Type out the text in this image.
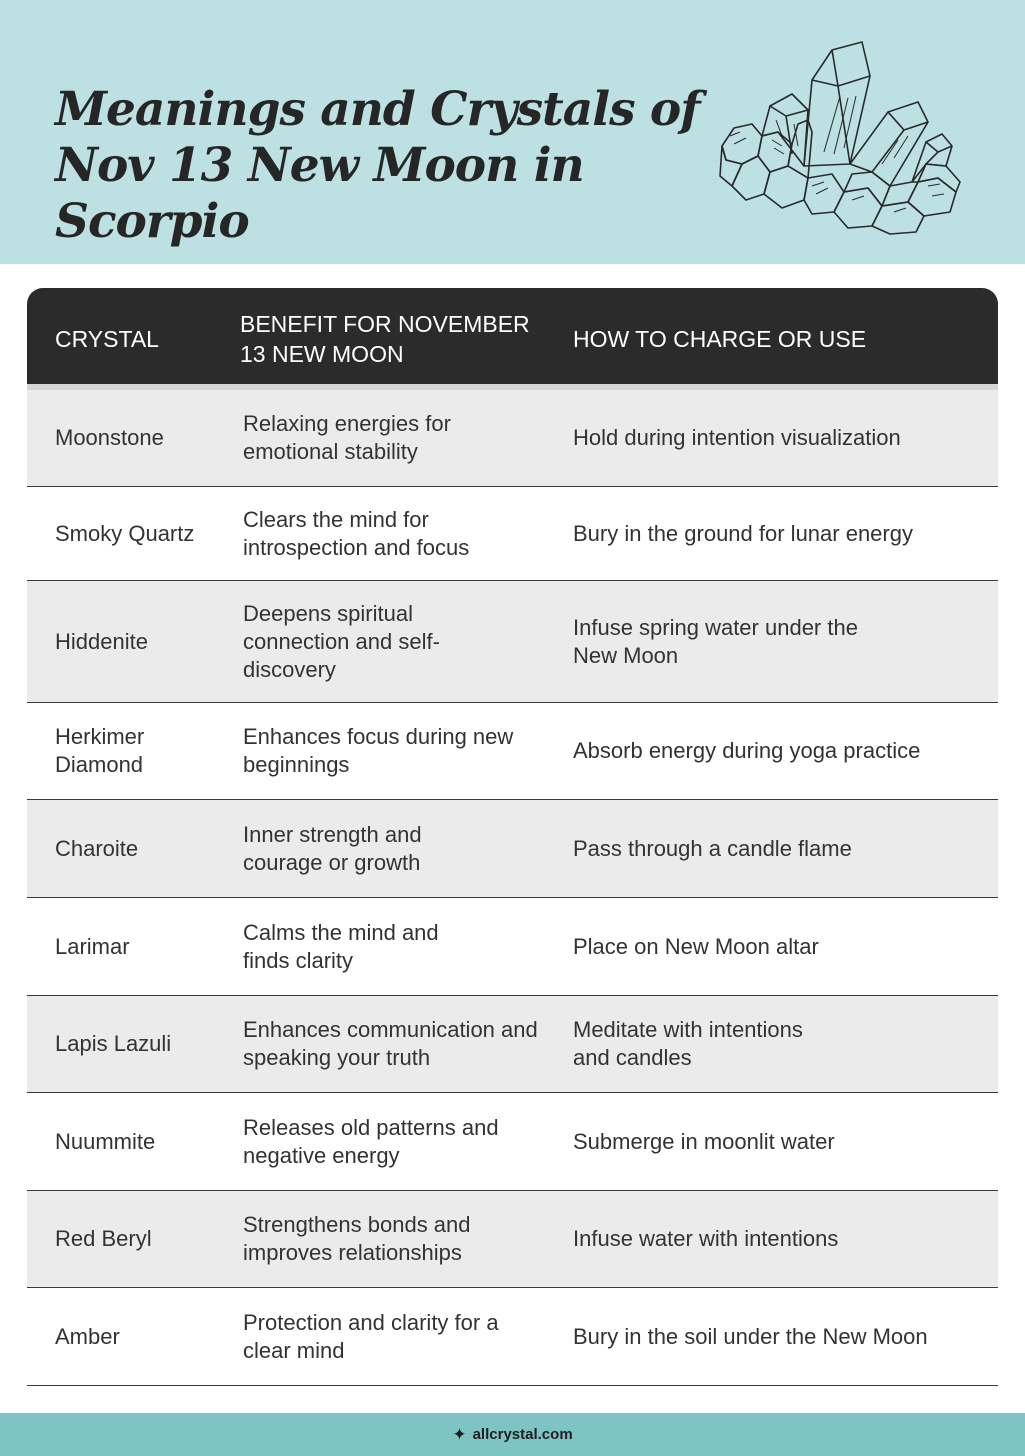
Meanings and Crystals of
Nov 13 New Moon in Scorpio
CRYSTAL
BENEFIT FOR NOVEMBER 13 NEW MOON
HOW TO CHARGE OR USE
Moonstone
Relaxing energies for emotional stability
Hold during intention visualization
Smoky Quartz
Clears the mind for introspection and focus
Bury in the ground for lunar energy
Hiddenite
Deepens spiritual connection and self-discovery
Infuse spring water under the New Moon
Herkimer Diamond
Enhances focus during new beginnings
Absorb energy during yoga practice
Charoite
Inner strength and courage or growth
Pass through a candle flame
Larimar
Calms the mind and finds clarity
Place on New Moon altar
Lapis Lazuli
Enhances communication and speaking your truth
Meditate with intentions and candles
Nuummite
Releases old patterns and negative energy
Submerge in moonlit water
Red Beryl
Strengthens bonds and improves relationships
Infuse water with intentions
Amber
Protection and clarity for a clear mind
Bury in the soil under the New Moon
✦ allcrystal.com
